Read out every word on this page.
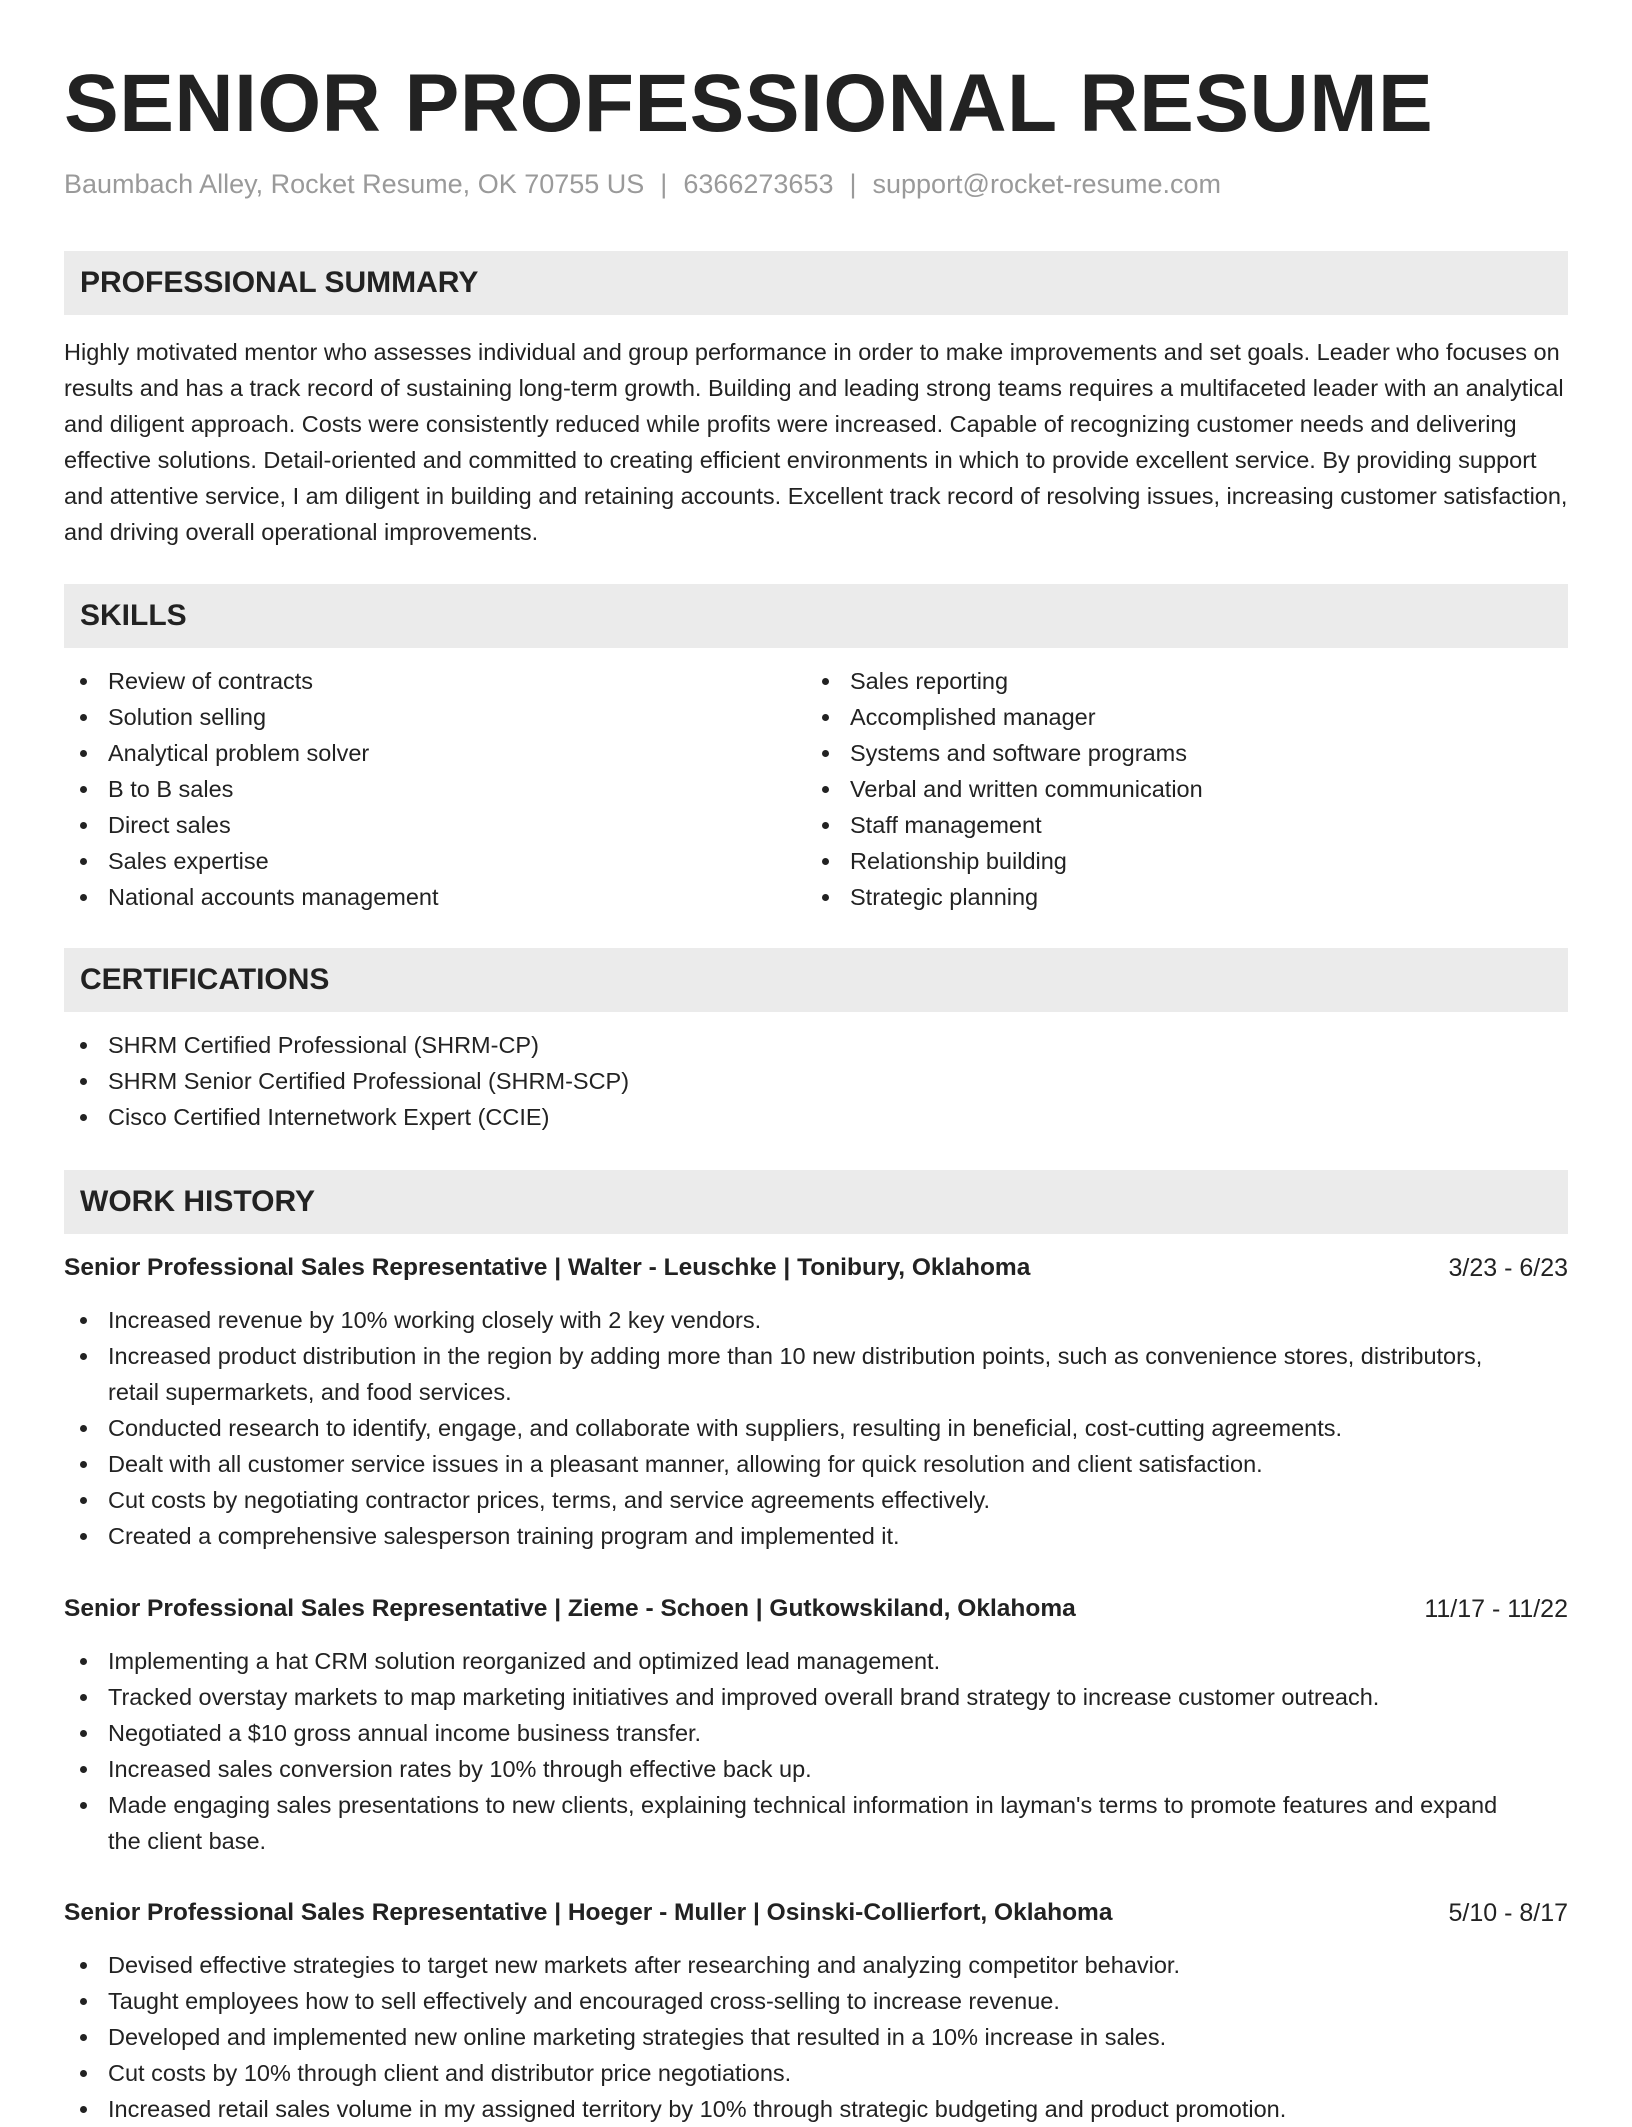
SENIOR PROFESSIONAL RESUME
Baumbach Alley, Rocket Resume, OK 70755 US | 6366273653 | support@rocket-resume.com
PROFESSIONAL SUMMARY

Highly motivated mentor who assesses individual and group performance in order to make improvements and set goals. Leader who focuses on results and has a track record of sustaining long-term growth. Building and leading strong teams requires a multifaceted leader with an analytical and diligent approach. Costs were consistently reduced while profits were increased. Capable of recognizing customer needs and delivering effective solutions. Detail-oriented and committed to creating efficient environments in which to provide excellent service. By providing support and attentive service, I am diligent in building and retaining accounts. Excellent track record of resolving issues, increasing customer satisfaction, and driving overall operational improvements.

SKILLS
Review of contracts
Solution selling
Analytical problem solver
B to B sales
Direct sales
Sales expertise
National accounts management
Sales reporting
Accomplished manager
Systems and software programs
Verbal and written communication
Staff management
Relationship building
Strategic planning
CERTIFICATIONS
SHRM Certified Professional (SHRM-CP)
SHRM Senior Certified Professional (SHRM-SCP)
Cisco Certified Internetwork Expert (CCIE)
WORK HISTORY
Senior Professional Sales Representative | Walter - Leuschke | Tonibury, Oklahoma	3/23 - 6/23
Increased revenue by 10% working closely with 2 key vendors.
Increased product distribution in the region by adding more than 10 new distribution points, such as convenience stores, distributors, retail supermarkets, and food services.
Conducted research to identify, engage, and collaborate with suppliers, resulting in beneficial, cost-cutting agreements.
Dealt with all customer service issues in a pleasant manner, allowing for quick resolution and client satisfaction.
Cut costs by negotiating contractor prices, terms, and service agreements effectively.
Created a comprehensive salesperson training program and implemented it.
Senior Professional Sales Representative | Zieme - Schoen | Gutkowskiland, Oklahoma	11/17 - 11/22
Implementing a hat CRM solution reorganized and optimized lead management.
Tracked overstay markets to map marketing initiatives and improved overall brand strategy to increase customer outreach.
Negotiated a $10 gross annual income business transfer.
Increased sales conversion rates by 10% through effective back up.
Made engaging sales presentations to new clients, explaining technical information in layman's terms to promote features and expand the client base.
Senior Professional Sales Representative | Hoeger - Muller | Osinski-Collierfort, Oklahoma	5/10 - 8/17
Devised effective strategies to target new markets after researching and analyzing competitor behavior.
Taught employees how to sell effectively and encouraged cross-selling to increase revenue.
Developed and implemented new online marketing strategies that resulted in a 10% increase in sales.
Cut costs by 10% through client and distributor price negotiations.
Increased retail sales volume in my assigned territory by 10% through strategic budgeting and product promotion.
